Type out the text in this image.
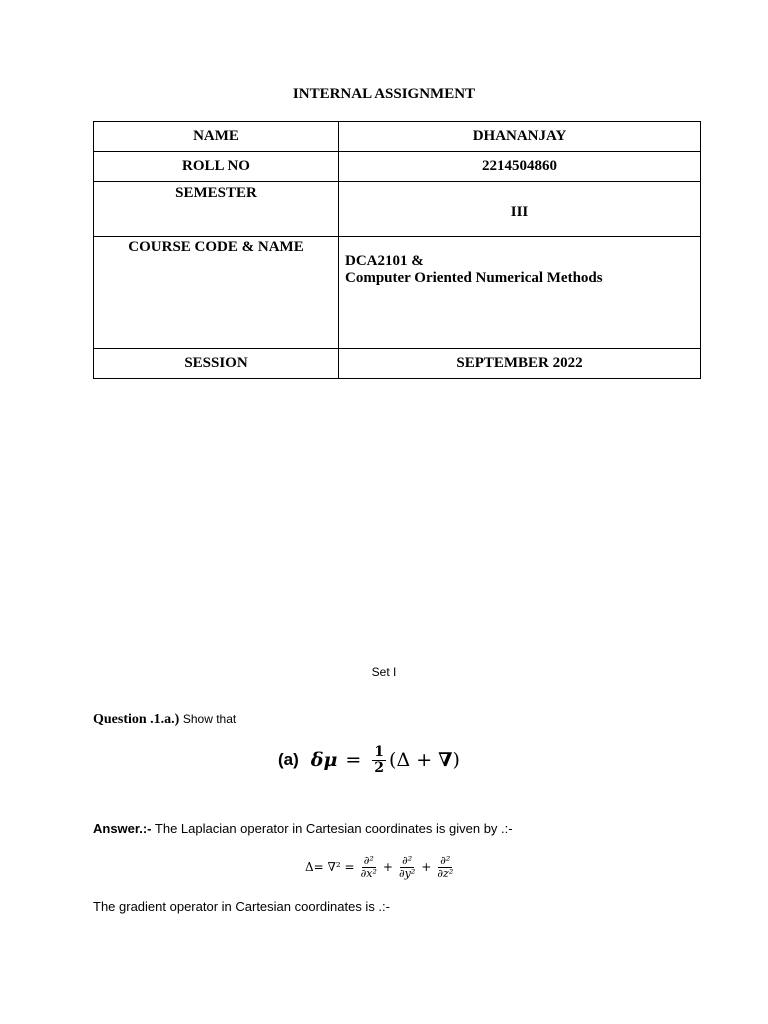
INTERNAL ASSIGNMENT
NAME	DHANANJAY
ROLL NO	2214504860
SEMESTER	III
COURSE CODE & NAME	DCA2101 &
Computer Oriented Numerical Methods

SESSION	SEPTEMBER 2022
Set I
Question .1.a.) Show that
(a) $\delta\mu = \frac{1}{2}$ ( Δ + ∇ )
Answer.:- The Laplacian operator in Cartesian coordinates is given by .:-
$\Delta= \nabla^2 = \frac{\text{∂²}}{\text{∂x²}} + \frac{\text{∂²}}{\text{∂y²}} + \frac{\text{∂²}}{\text{∂z²}}$
The gradient operator in Cartesian coordinates is .:-
